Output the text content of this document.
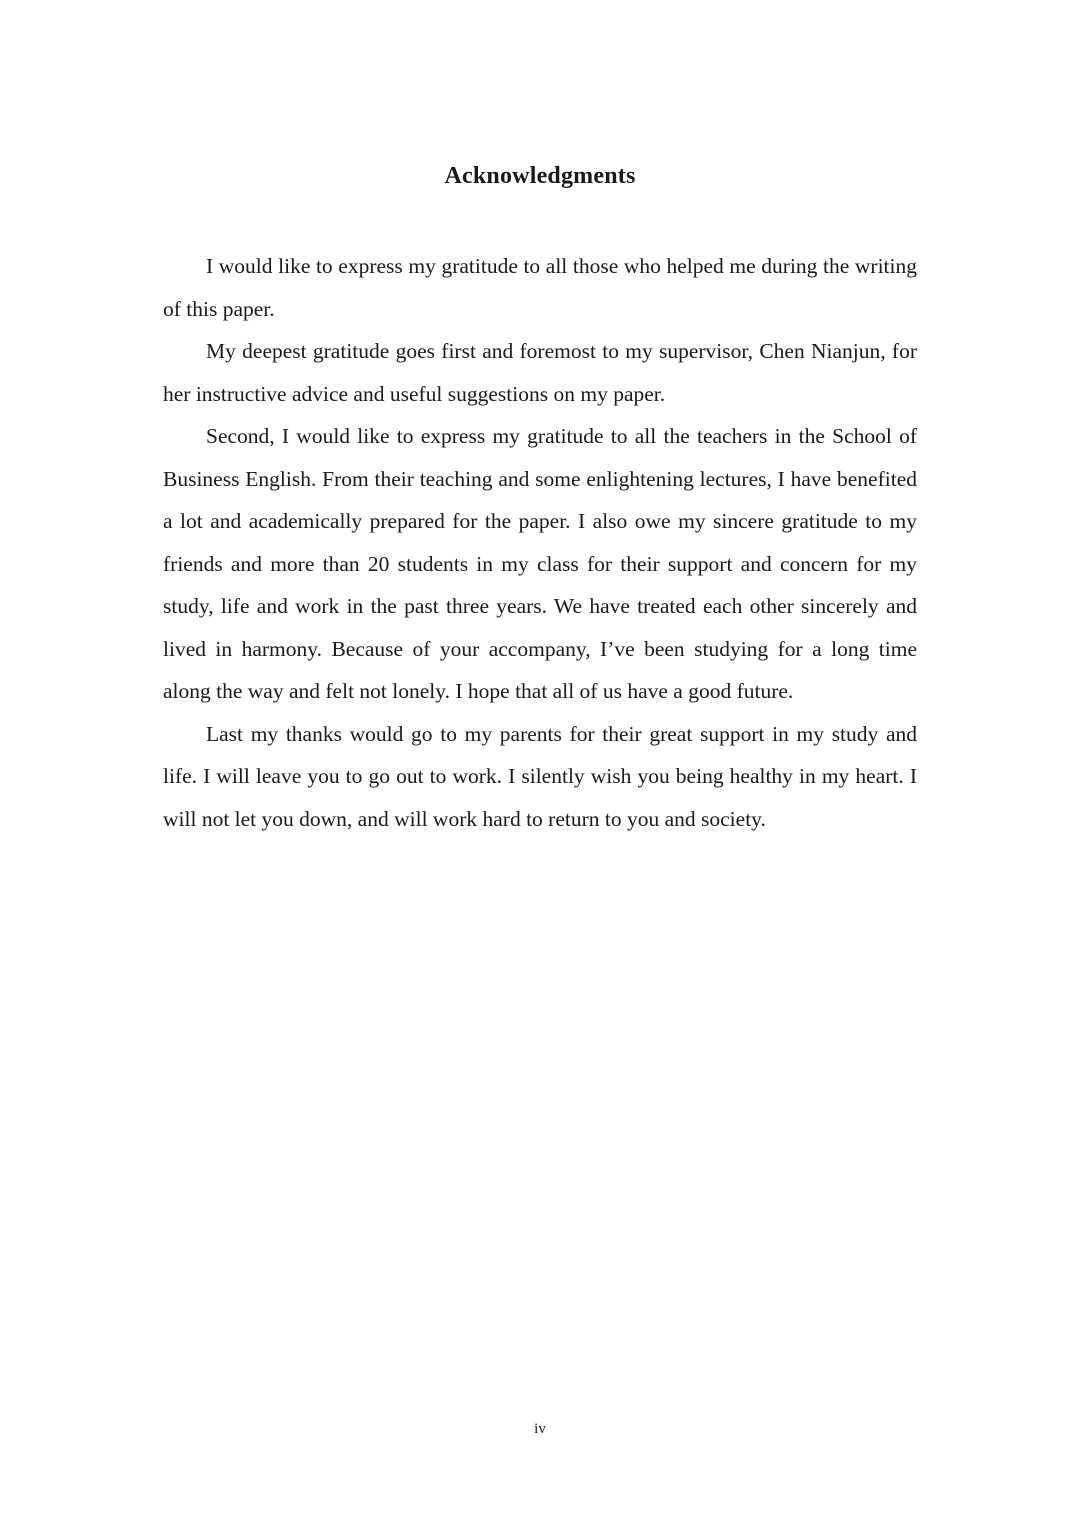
Acknowledgments

I would like to express my gratitude to all those who helped me during the writing of this paper.

My deepest gratitude goes first and foremost to my supervisor, Chen Nianjun, for her instructive advice and useful suggestions on my paper.

Second, I would like to express my gratitude to all the teachers in the School of Business English. From their teaching and some enlightening lectures, I have benefited a lot and academically prepared for the paper. I also owe my sincere gratitude to my friends and more than 20 students in my class for their support and concern for my study, life and work in the past three years. We have treated each other sincerely and lived in harmony. Because of your accompany, I’ve been studying for a long time along the way and felt not lonely. I hope that all of us have a good future.

Last my thanks would go to my parents for their great support in my study and life. I will leave you to go out to work. I silently wish you being healthy in my heart. I will not let you down, and will work hard to return to you and society.

iv
